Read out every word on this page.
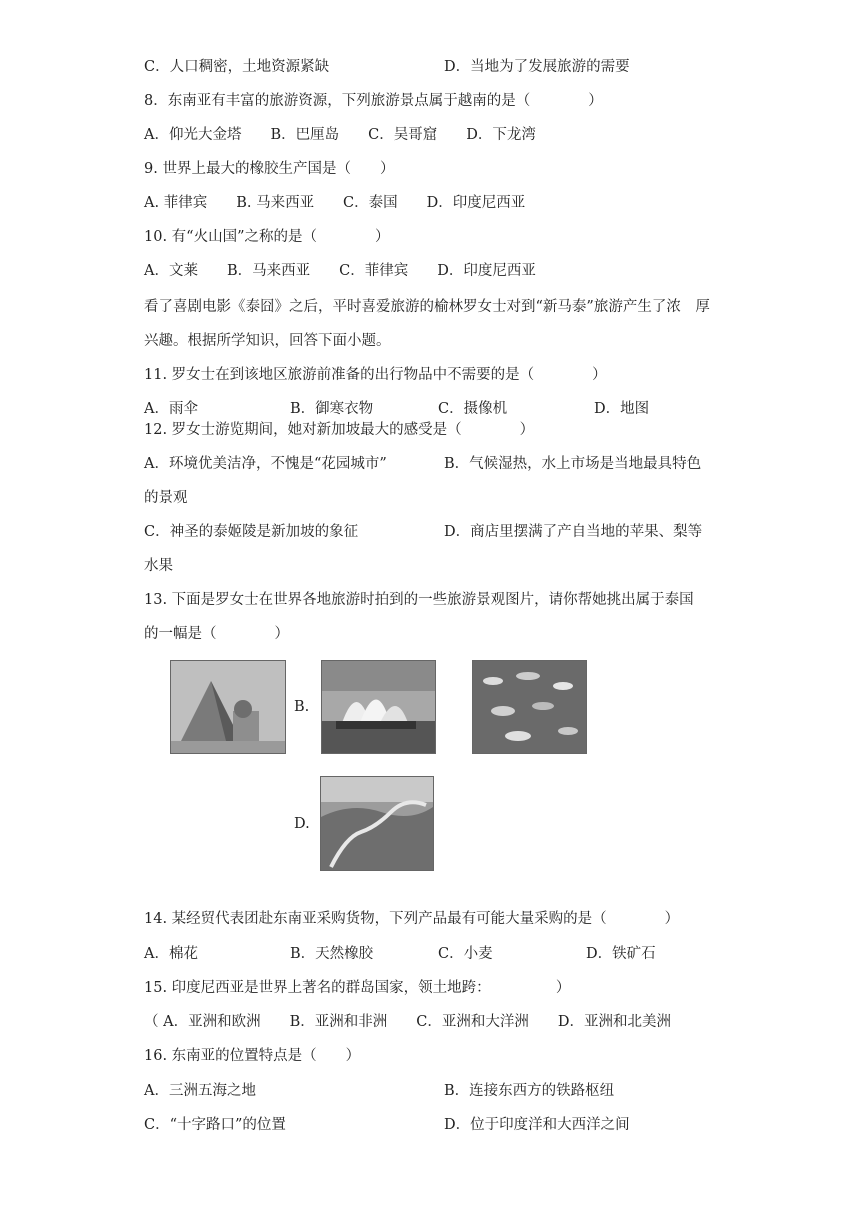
C．人口稠密，土地资源紧缺	D．当地为了发展旅游的需要
8．东南亚有丰富的旅游资源，下列旅游景点属于越南的是（　　　　）
A．仰光大金塔　　B．巴厘岛　　C．吴哥窟　　D．下龙湾
9. 世界上最大的橡胶生产国是（　　）
A. 菲律宾　　B. 马来西亚　　C．泰国　　D．印度尼西亚
10. 有“火山国”之称的是（　　　　）
A．文莱　　B．马来西亚　　C．菲律宾　　D．印度尼西亚
看了喜剧电影《泰囧》之后，平时喜爱旅游的榆林罗女士对到“新马泰”旅游产生了浓　厚
兴趣。根据所学知识，回答下面小题。
11. 罗女士在到该地区旅游前准备的出行物品中不需要的是（　　　　）
A．雨伞	B．御寒衣物	C．摄像机	D．地图
12. 罗女士游览期间，她对新加坡最大的感受是（　　　　）
A．环境优美洁净，不愧是“花园城市”	B．气候湿热，水上市场是当地最具特色
的景观
C．神圣的泰姬陵是新加坡的象征	D．商店里摆满了产自当地的苹果、梨等
水果
13. 下面是罗女士在世界各地旅游时拍到的一些旅游景观图片，请你帮她挑出属于泰国
的一幅是（　　　　）
B.
D.
14. 某经贸代表团赴东南亚采购货物，下列产品最有可能大量采购的是（　　　　）
A．棉花	B．天然橡胶	C．小麦	D．铁矿石
15. 印度尼西亚是世界上著名的群岛国家，领土地跨：　　　　　）
（ A．亚洲和欧洲　　B．亚洲和非洲　　C．亚洲和大洋洲　　D．亚洲和北美洲
16. 东南亚的位置特点是（　　）
A．三洲五海之地	B．连接东西方的铁路枢纽
C．“十字路口”的位置	D．位于印度洋和大西洋之间
